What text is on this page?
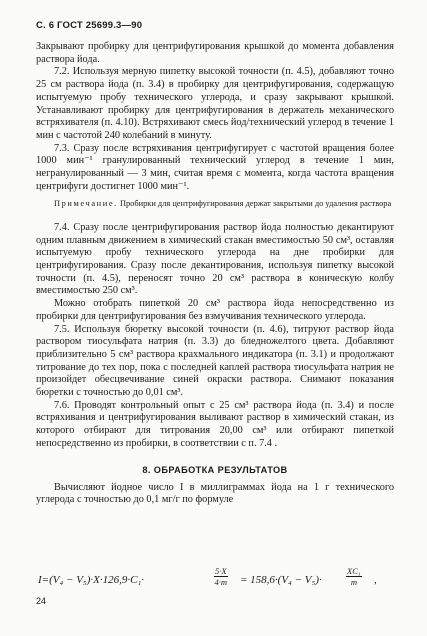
С. 6 ГОСТ 25699.3—90

Закрывают пробирку для центрифугирования крышкой до момента добавления раствора йода.

7.2. Используя мерную пипетку высокой точности (п. 4.5), добавляют точно 25 см раствора йода (п. 3.4) в пробирку для центрифугирования, содержащую испытуемую пробу технического углерода, и сразу закрывают крышкой. Устанавливают пробирку для центрифугирования в держатель механического встряхивателя (п. 4.10). Встряхивают смесь йод/технический углерод в течение 1 мин с частотой 240 колебаний в минуту.

7.3. Сразу после встряхивания центрифугирует с частотой вращения более 1000 мин⁻¹ гранулированный технический углерод в течение 1 мин, негранулированный — 3 мин, считая время с момента, когда частота вращения центрифуги достигнет 1000 мин⁻¹.

Примечание. Пробирки для центрифугирования держат закрытыми до удаления раствора

7.4. Сразу после центрифугирования раствор йода полностью декантируют одним плавным движением в химический стакан вместимостью 50 см³, оставляя испытуемую пробу технического углерода на дне пробирки для центрифугирования. Сразу после декантирования, используя пипетку высокой точности (п. 4.5), переносят точно 20 см³ раствора в коническую колбу вместимостью 250 см³.

Можно отобрать пипеткой 20 см³ раствора йода непосредственно из пробирки для центрифугирования без взмучивания технического углерода.

7.5. Используя бюретку высокой точности (п. 4.6), титруют раствор йода раствором тиосульфата натрия (п. 3.3) до бледножелтого цвета. Добавляют приблизительно 5 см³ раствора крахмального индикатора (п. 3.1) и продолжают титрование до тех пор, пока с последней каплей раствора тиосульфата натрия не произойдет обесцвечивание синей окраски раствора. Снимают показания бюретки с точностью до 0,01 см³.

7.6. Проводят контрольный опыт с 25 см³ раствора йода (п. 3.4) и после встряхивания и центрифугирования выливают раствор в химический стакан, из которого отбирают для титрования 20,00 см³ или отбирают пипеткой непосредственно из пробирки, в соответствии с п. 7.4 .

8. ОБРАБОТКА РЕЗУЛЬТАТОВ

Вычисляют йодное число I в миллиграммах йода на 1 г технического углерода с точностью до 0,1 мг/г по формуле

I=(V₄ − V₅)·X·126,9·C₁·	$\frac{5\cdot X}{4\cdot m} = 158,6\cdot(V_4 - V_5)\cdot$	$\frac{\text{XC₁}}{m}$ ,
24
